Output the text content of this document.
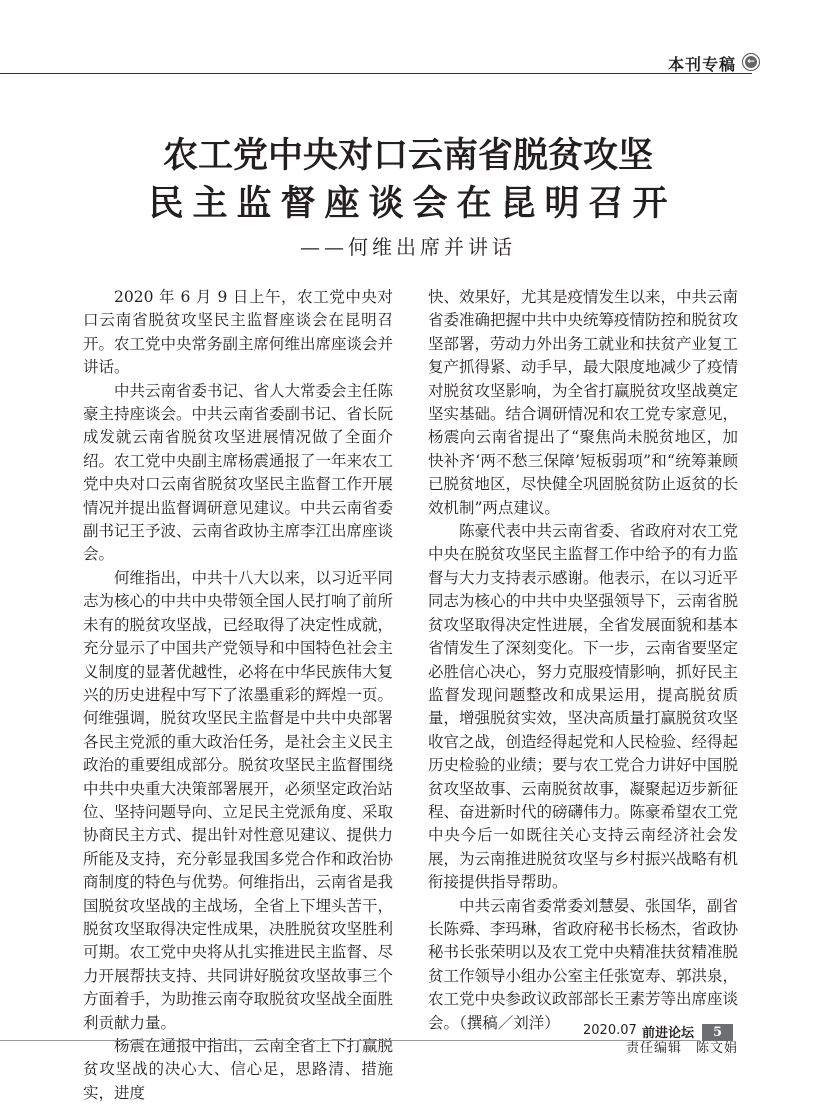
本刊专稿 ←
农工党中央对口云南省脱贫攻坚
民主监督座谈会在昆明召开
——何维出席并讲话

2020 年 6 月 9 日上午，农工党中央对口云南省脱贫攻坚民主监督座谈会在昆明召开。农工党中央常务副主席何维出席座谈会并讲话。

中共云南省委书记、省人大常委会主任陈豪主持座谈会。中共云南省委副书记、省长阮成发就云南省脱贫攻坚进展情况做了全面介绍。农工党中央副主席杨震通报了一年来农工党中央对口云南省脱贫攻坚民主监督工作开展情况并提出监督调研意见建议。中共云南省委副书记王予波、云南省政协主席李江出席座谈会。

何维指出，中共十八大以来，以习近平同志为核心的中共中央带领全国人民打响了前所未有的脱贫攻坚战，已经取得了决定性成就，充分显示了中国共产党领导和中国特色社会主义制度的显著优越性，必将在中华民族伟大复兴的历史进程中写下了浓墨重彩的辉煌一页。何维强调，脱贫攻坚民主监督是中共中央部署各民主党派的重大政治任务，是社会主义民主政治的重要组成部分。脱贫攻坚民主监督围绕中共中央重大决策部署展开，必须坚定政治站位、坚持问题导向、立足民主党派角度、采取协商民主方式、提出针对性意见建议、提供力所能及支持，充分彰显我国多党合作和政治协商制度的特色与优势。何维指出，云南省是我国脱贫攻坚战的主战场，全省上下埋头苦干，脱贫攻坚取得决定性成果，决胜脱贫攻坚胜利可期。农工党中央将从扎实推进民主监督、尽力开展帮扶支持、共同讲好脱贫攻坚故事三个方面着手，为助推云南夺取脱贫攻坚战全面胜利贡献力量。

杨震在通报中指出，云南全省上下打赢脱贫攻坚战的决心大、信心足，思路清、措施实，进度

快、效果好，尤其是疫情发生以来，中共云南省委准确把握中共中央统筹疫情防控和脱贫攻坚部署，劳动力外出务工就业和扶贫产业复工复产抓得紧、动手早，最大限度地减少了疫情对脱贫攻坚影响，为全省打赢脱贫攻坚战奠定坚实基础。结合调研情况和农工党专家意见，杨震向云南省提出了“聚焦尚未脱贫地区，加快补齐‘两不愁三保障’短板弱项”和“统筹兼顾已脱贫地区，尽快健全巩固脱贫防止返贫的长效机制”两点建议。

陈豪代表中共云南省委、省政府对农工党中央在脱贫攻坚民主监督工作中给予的有力监督与大力支持表示感谢。他表示，在以习近平同志为核心的中共中央坚强领导下，云南省脱贫攻坚取得决定性进展，全省发展面貌和基本省情发生了深刻变化。下一步，云南省要坚定必胜信心决心，努力克服疫情影响，抓好民主监督发现问题整改和成果运用，提高脱贫质量，增强脱贫实效，坚决高质量打赢脱贫攻坚收官之战，创造经得起党和人民检验、经得起历史检验的业绩；要与农工党合力讲好中国脱贫攻坚故事、云南脱贫故事，凝聚起迈步新征程、奋进新时代的磅礴伟力。陈豪希望农工党中央今后一如既往关心支持云南经济社会发展，为云南推进脱贫攻坚与乡村振兴战略有机衔接提供指导帮助。

中共云南省委常委刘慧晏、张国华，副省长陈舜、李玛琳，省政府秘书长杨杰，省政协秘书长张荣明以及农工党中央精准扶贫精准脱贫工作领导小组办公室主任张宽寿、郭洪泉，农工党中央参政议政部部长王素芳等出席座谈会。（撰稿／刘洋）

责任编辑　陈文娟
2020.07 前进论坛	5
